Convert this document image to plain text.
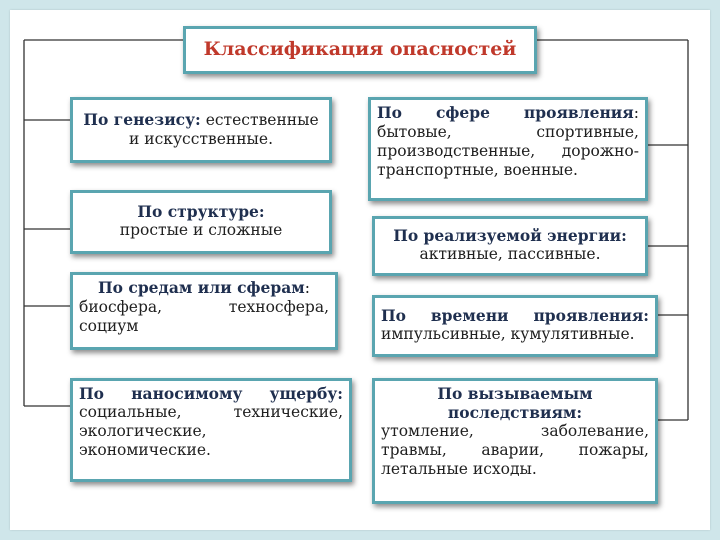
Классификация опасностей
По генезису: естественные и искусственные.
По структуре:
простые и сложные
По средам или сферам:
биосфера, техносфера,
социум
По наносимому ущербу:
социальные, технические,
экологические,
экономические.
По сфере проявления:
бытовые, спортивные,
производственные, дорожно-
транспортные, военные.
По реализуемой энергии:
активные, пассивные.
По времени проявления:
импульсивные, кумулятивные.
По вызываемым
последствиям:
утомление, заболевание,
травмы, аварии, пожары,
летальные исходы.
